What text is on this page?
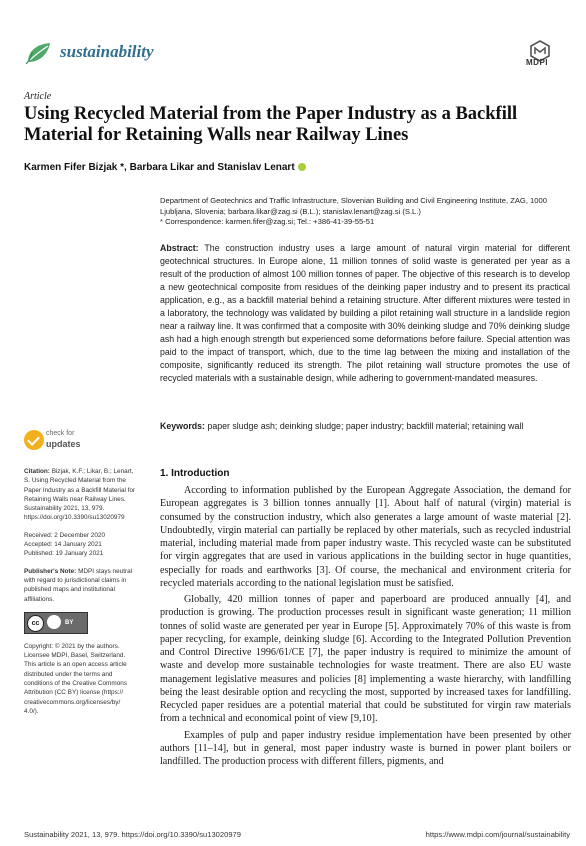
sustainability
MDPI
Article
Using Recycled Material from the Paper Industry as a Backfill Material for Retaining Walls near Railway Lines
Karmen Fifer Bizjak *, Barbara Likar and Stanislav Lenart
Department of Geotechnics and Traffic Infrastructure, Slovenian Building and Civil Engineering Institute, ZAG, 1000 Ljubljana, Slovenia; barbara.likar@zag.si (B.L.); stanislav.lenart@zag.si (S.L.)
* Correspondence: karmen.fifer@zag.si; Tel.: +386-41-39-55-51
Abstract: The construction industry uses a large amount of natural virgin material for different geotechnical structures. In Europe alone, 11 million tonnes of solid waste is generated per year as a result of the production of almost 100 million tonnes of paper. The objective of this research is to develop a new geotechnical composite from residues of the deinking paper industry and to present its practical application, e.g., as a backfill material behind a retaining structure. After different mixtures were tested in a laboratory, the technology was validated by building a pilot retaining wall structure in a landslide region near a railway line. It was confirmed that a composite with 30% deinking sludge and 70% deinking sludge ash had a high enough strength but experienced some deformations before failure. Special attention was paid to the impact of transport, which, due to the time lag between the mixing and installation of the composite, significantly reduced its strength. The pilot retaining wall structure promotes the use of recycled materials with a sustainable design, while adhering to government-mandated measures.
Keywords: paper sludge ash; deinking sludge; paper industry; backfill material; retaining wall
check for
updates
Citation: Bizjak, K.F.; Likar, B.; Lenart, S. Using Recycled Material from the Paper Industry as a Backfill Material for Retaining Walls near Railway Lines. Sustainability 2021, 13, 979. https://doi.org/10.3390/su13020979
Received: 2 December 2020
Accepted: 14 January 2021
Published: 19 January 2021
Publisher's Note: MDPI stays neutral with regard to jurisdictional claims in published maps and institutional affiliations.
cc	BY
Copyright: © 2021 by the authors. Licensee MDPI, Basel, Switzerland. This article is an open access article distributed under the terms and conditions of the Creative Commons Attribution (CC BY) license (https:// creativecommons.org/licenses/by/ 4.0/).
1. Introduction

According to information published by the European Aggregate Association, the demand for European aggregates is 3 billion tonnes annually [1]. About half of natural (virgin) material is consumed by the construction industry, which also generates a large amount of waste material [2]. Undoubtedly, virgin material can partially be replaced by other materials, such as recycled industrial material, including material made from paper industry waste. This recycled waste can be substituted for virgin aggregates that are used in various applications in the building sector in huge quantities, especially for roads and earthworks [3]. Of course, the mechanical and environment criteria for recycled materials according to the national legislation must be satisfied.

Globally, 420 million tonnes of paper and paperboard are produced annually [4], and production is growing. The production processes result in significant waste generation; 11 million tonnes of solid waste are generated per year in Europe [5]. Approximately 70% of this waste is from paper recycling, for example, deinking sludge [6]. According to the Integrated Pollution Prevention and Control Directive 1996/61/CE [7], the paper industry is required to minimize the amount of waste and develop more sustainable technologies for waste treatment. There are also EU waste management legislative measures and policies [8] implementing a waste hierarchy, with landfilling being the least desirable option and recycling the most, supported by increased taxes for landfilling. Recycled paper residues are a potential material that could be substituted for virgin raw materials from a technical and economical point of view [9,10].

Examples of pulp and paper industry residue implementation have been presented by other authors [11–14], but in general, most paper industry waste is burned in power plant boilers or landfilled. The production process with different fillers, pigments, and

Sustainability 2021, 13, 979. https://doi.org/10.3390/su13020979	https://www.mdpi.com/journal/sustainability
